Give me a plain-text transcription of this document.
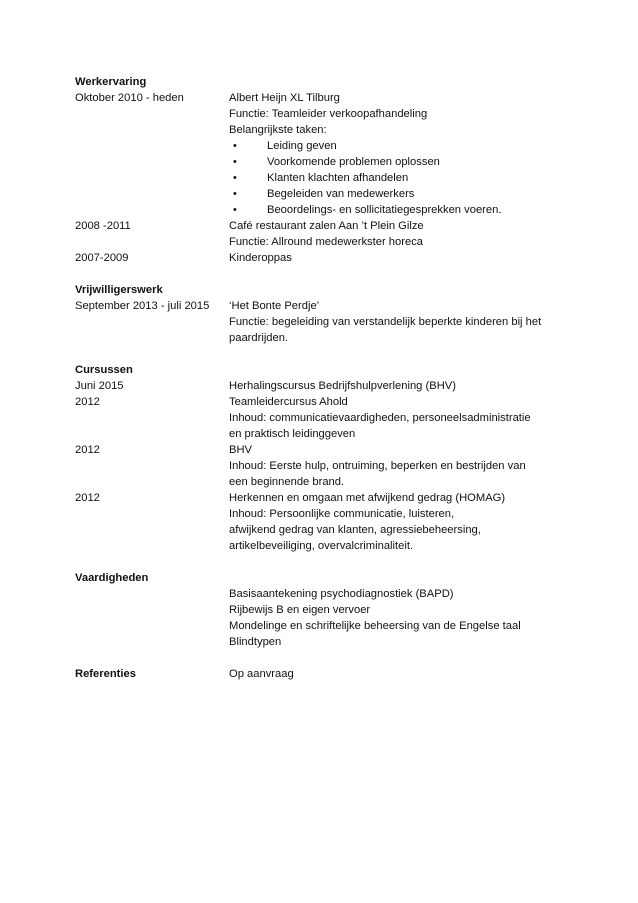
Werkervaring
Oktober 2010 - heden	Albert Heijn XL Tilburg
Functie: Teamleider verkoopafhandeling
Belangrijkste taken:
•	Leiding geven
•	Voorkomende problemen oplossen
•	Klanten klachten afhandelen
•	Begeleiden van medewerkers
•	Beoordelings- en sollicitatiegesprekken voeren.
2008 -2011	Café restaurant zalen Aan ’t Plein Gilze
Functie: Allround medewerkster horeca
2007-2009	Kinderoppas
Vrijwilligerswerk
September 2013 - juli 2015	‘Het Bonte Perdje’
Functie: begeleiding van verstandelijk beperkte kinderen bij het
paardrijden.
Cursussen
Juni 2015	Herhalingscursus Bedrijfshulpverlening (BHV)
2012	Teamleidercursus Ahold
Inhoud: communicatievaardigheden, personeelsadministratie
en praktisch leidinggeven
2012	BHV
Inhoud: Eerste hulp, ontruiming, beperken en bestrijden van
een beginnende brand.
2012	Herkennen en omgaan met afwijkend gedrag (HOMAG)
Inhoud: Persoonlijke communicatie, luisteren,
afwijkend gedrag van klanten, agressiebeheersing,
artikelbeveiliging, overvalcriminaliteit.
Vaardigheden
Basisaantekening psychodiagnostiek (BAPD)
Rijbewijs B en eigen vervoer
Mondelinge en schriftelijke beheersing van de Engelse taal
Blindtypen
Referenties	Op aanvraag
